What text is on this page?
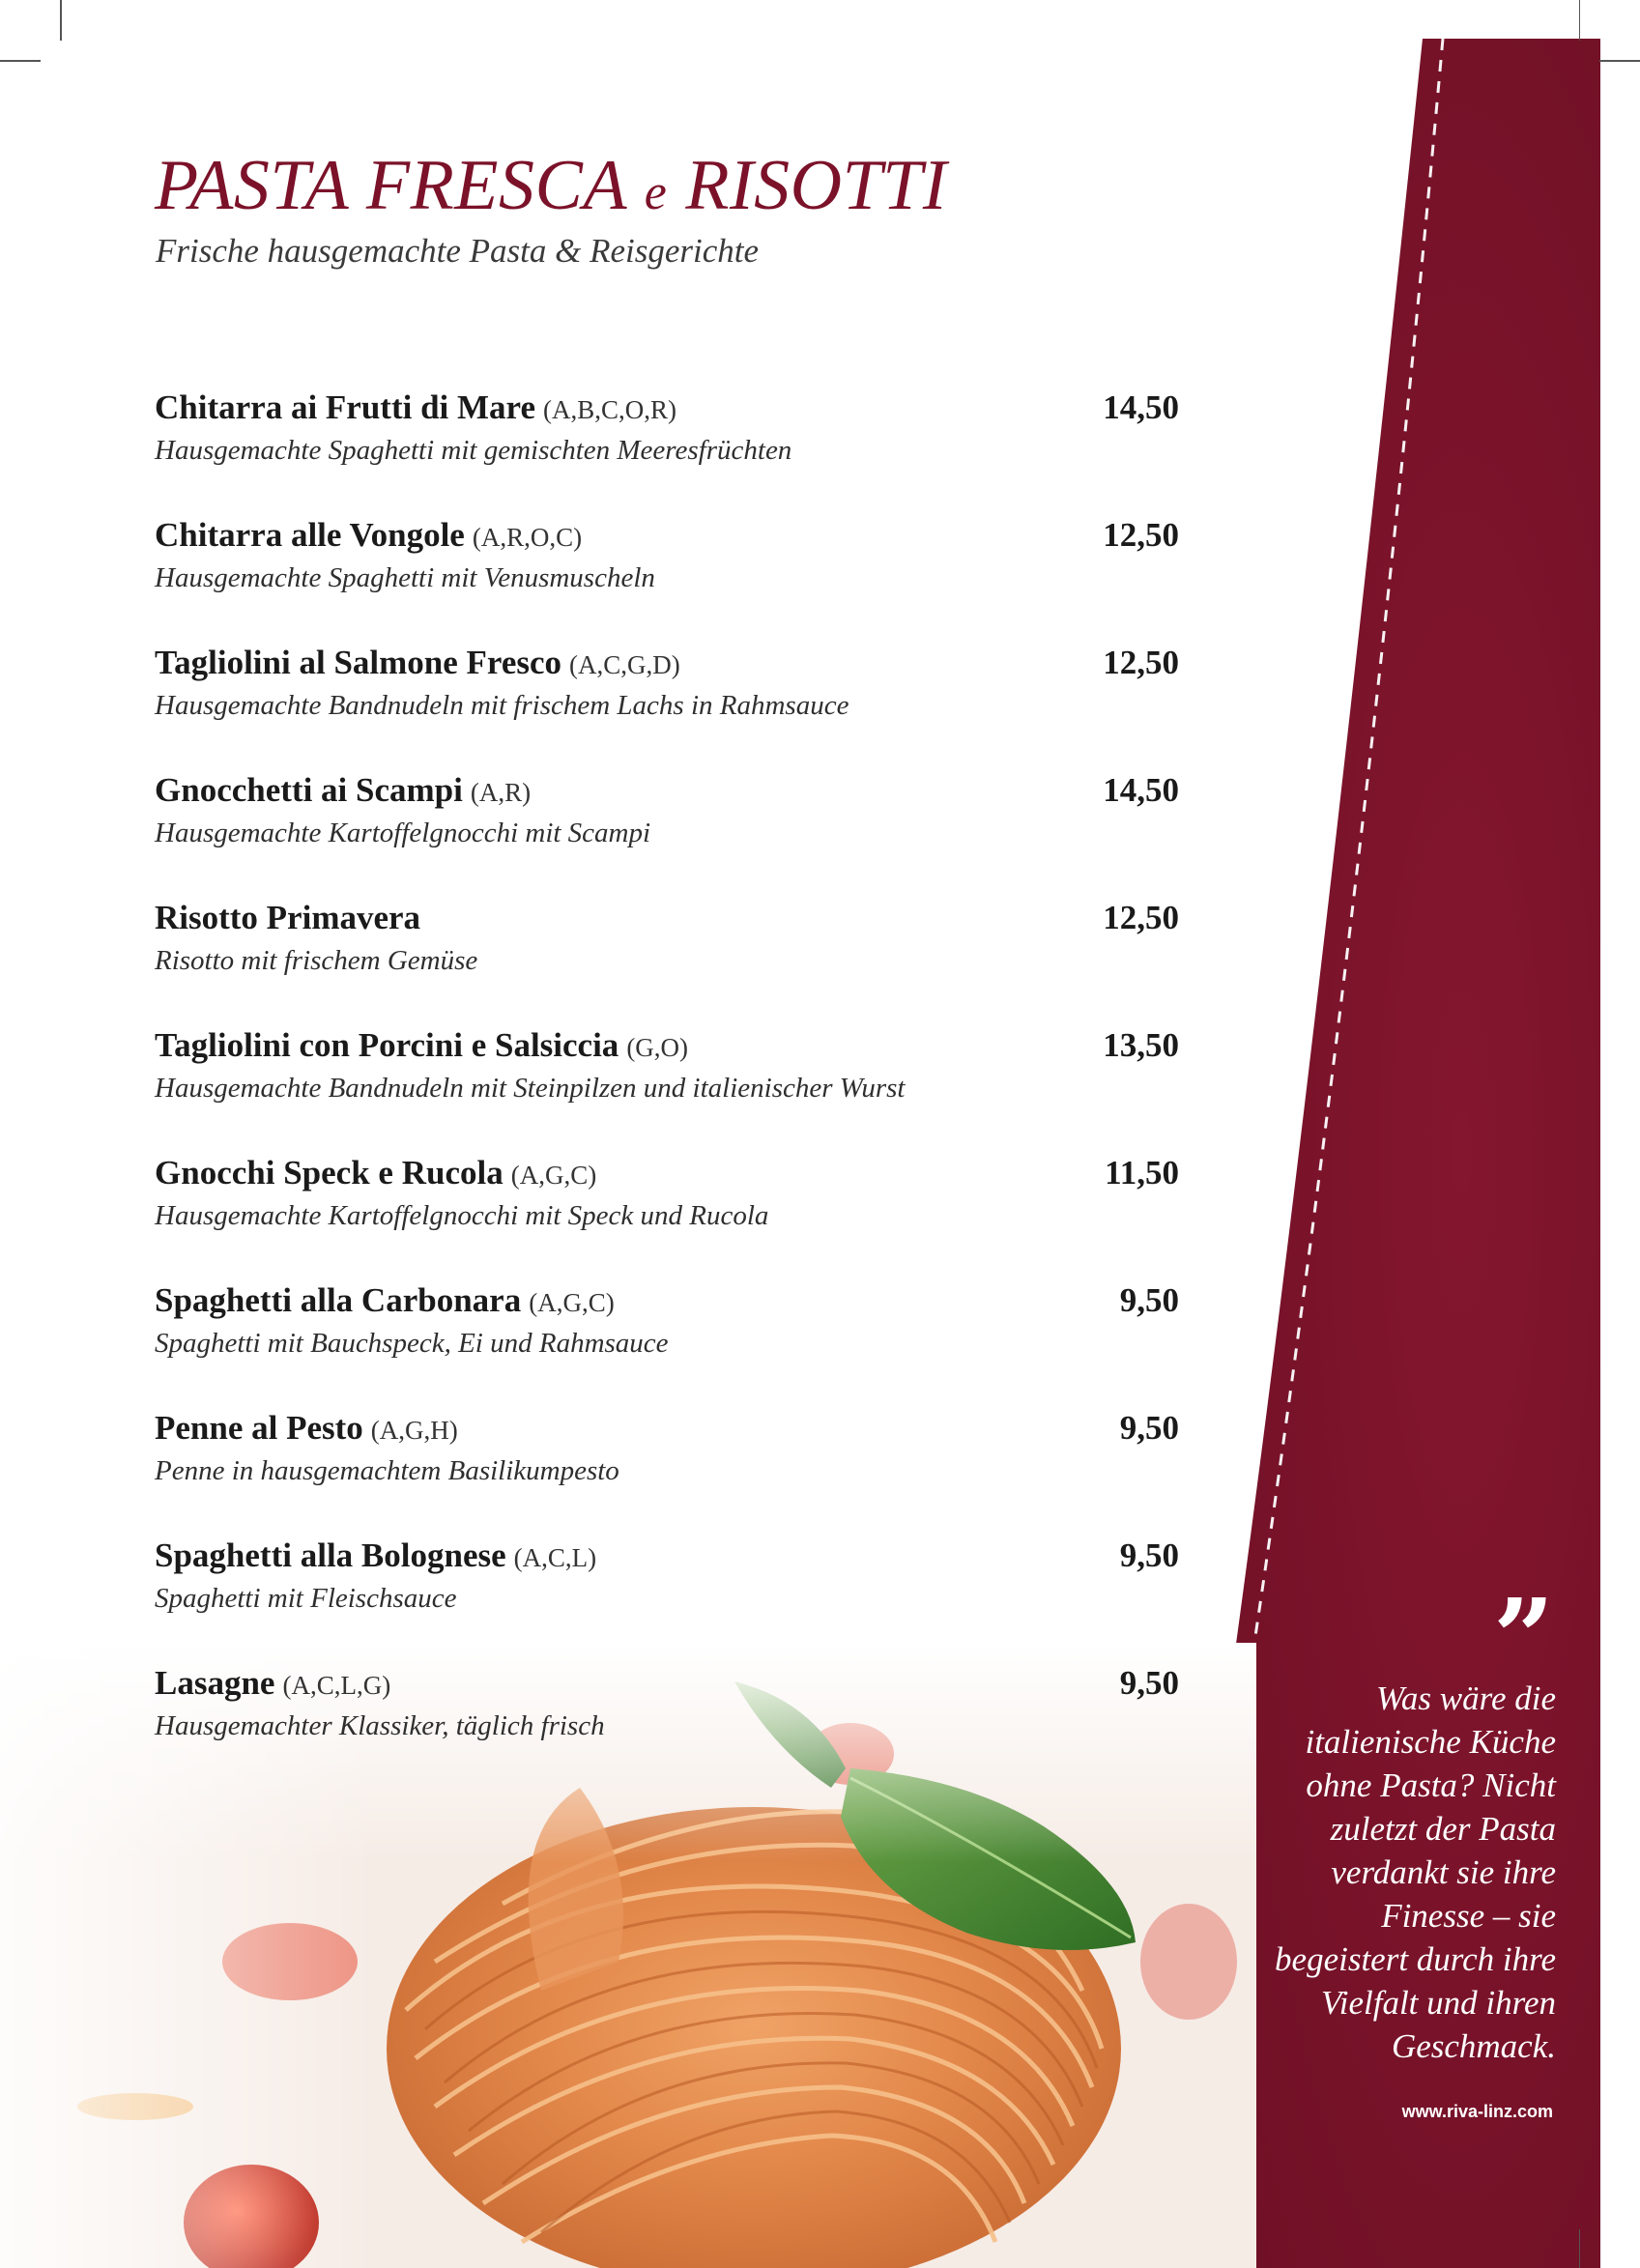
PASTA FRESCA e RISOTTI

Frische hausgemachte Pasta & Reisgerichte

Chitarra ai Frutti di Mare (A,B,C,O,R)	14,50
Hausgemachte Spaghetti mit gemischten Meeresfrüchten
Chitarra alle Vongole (A,R,O,C)	12,50
Hausgemachte Spaghetti mit Venusmuscheln
Tagliolini al Salmone Fresco (A,C,G,D)	12,50
Hausgemachte Bandnudeln mit frischem Lachs in Rahmsauce
Gnocchetti ai Scampi (A,R)	14,50
Hausgemachte Kartoffelgnocchi mit Scampi
Risotto Primavera	12,50
Risotto mit frischem Gemüse
Tagliolini con Porcini e Salsiccia (G,O)	13,50
Hausgemachte Bandnudeln mit Steinpilzen und italienischer Wurst
Gnocchi Speck e Rucola (A,G,C)	11,50
Hausgemachte Kartoffelgnocchi mit Speck und Rucola
Spaghetti alla Carbonara (A,G,C)	9,50
Spaghetti mit Bauchspeck, Ei und Rahmsauce
Penne al Pesto (A,G,H)	9,50
Penne in hausgemachtem Basilikumpesto
Spaghetti alla Bolognese (A,C,L)	9,50
Spaghetti mit Fleischsauce
Lasagne (A,C,L,G)	9,50
Hausgemachter Klassiker, täglich frisch
”
Was wäre die
italienische Küche
ohne Pasta? Nicht
zuletzt der Pasta
verdankt sie ihre
Finesse – sie
begeistert durch ihre
Vielfalt und ihren
Geschmack.
www.riva-linz.com
